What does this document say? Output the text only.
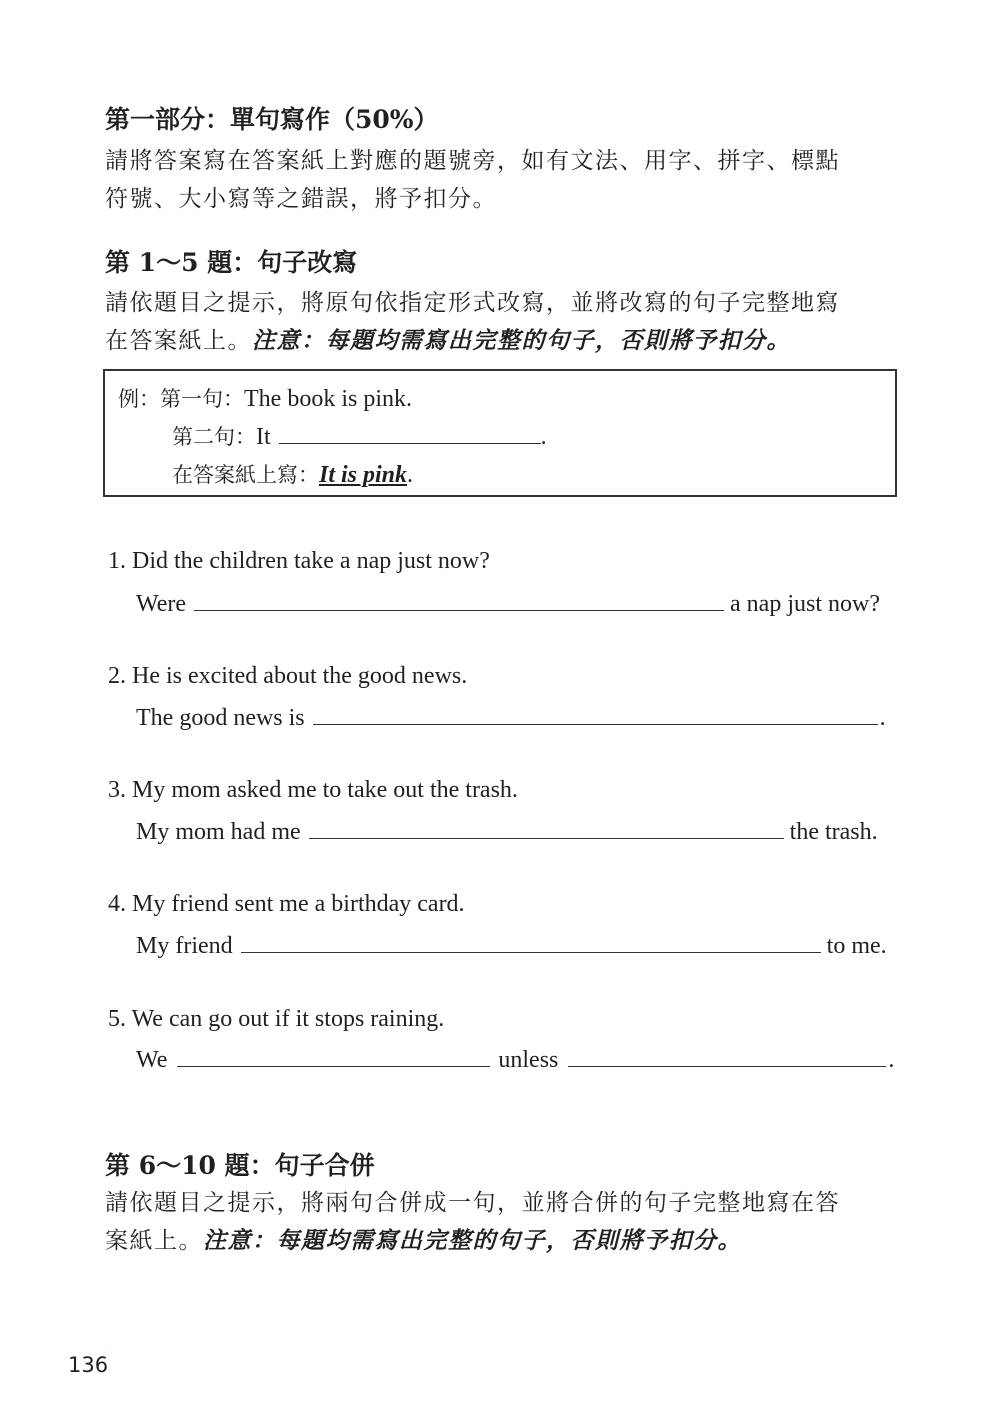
第一部分：單句寫作（50%）
請將答案寫在答案紙上對應的題號旁，如有文法、用字、拼字、標點
符號、大小寫等之錯誤，將予扣分。
第 1～5 題：句子改寫
請依題目之提示，將原句依指定形式改寫，並將改寫的句子完整地寫
在答案紙上。注意：每題均需寫出完整的句子，否則將予扣分。
例：第一句：The book is pink.
第二句：It	.
在答案紙上寫：It is pink.
1. Did the children take a nap just now?
Were	a nap just now?
2. He is excited about the good news.
The good news is	.
3. My mom asked me to take out the trash.
My mom had me	the trash.
4. My friend sent me a birthday card.
My friend	to me.
5. We can go out if it stops raining.
We	unless	.
第 6～10 題：句子合併
請依題目之提示，將兩句合併成一句，並將合併的句子完整地寫在答
案紙上。注意：每題均需寫出完整的句子，否則將予扣分。
136
